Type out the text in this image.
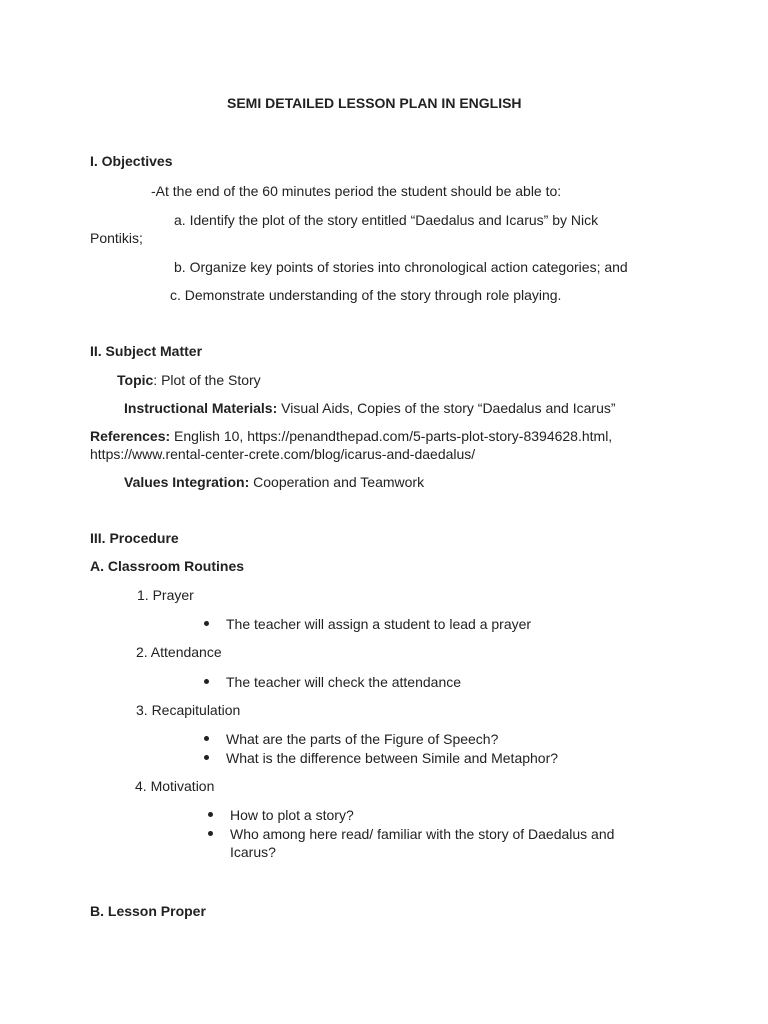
SEMI DETAILED LESSON PLAN IN ENGLISH
I. Objectives
-At the end of the 60 minutes period the student should be able to:
a. Identify the plot of the story entitled “Daedalus and Icarus” by Nick
Pontikis;
b. Organize key points of stories into chronological action categories; and
c. Demonstrate understanding of the story through role playing.
II. Subject Matter
Topic: Plot of the Story
Instructional Materials: Visual Aids, Copies of the story “Daedalus and Icarus”
References: English 10, https://penandthepad.com/5-parts-plot-story-8394628.html,
https://www.rental-center-crete.com/blog/icarus-and-daedalus/
Values Integration: Cooperation and Teamwork
III. Procedure
A. Classroom Routines
1. Prayer
The teacher will assign a student to lead a prayer
2. Attendance
The teacher will check the attendance
3. Recapitulation
What are the parts of the Figure of Speech?
What is the difference between Simile and Metaphor?
4. Motivation
How to plot a story?
Who among here read/ familiar with the story of Daedalus and
Icarus?
B. Lesson Proper
